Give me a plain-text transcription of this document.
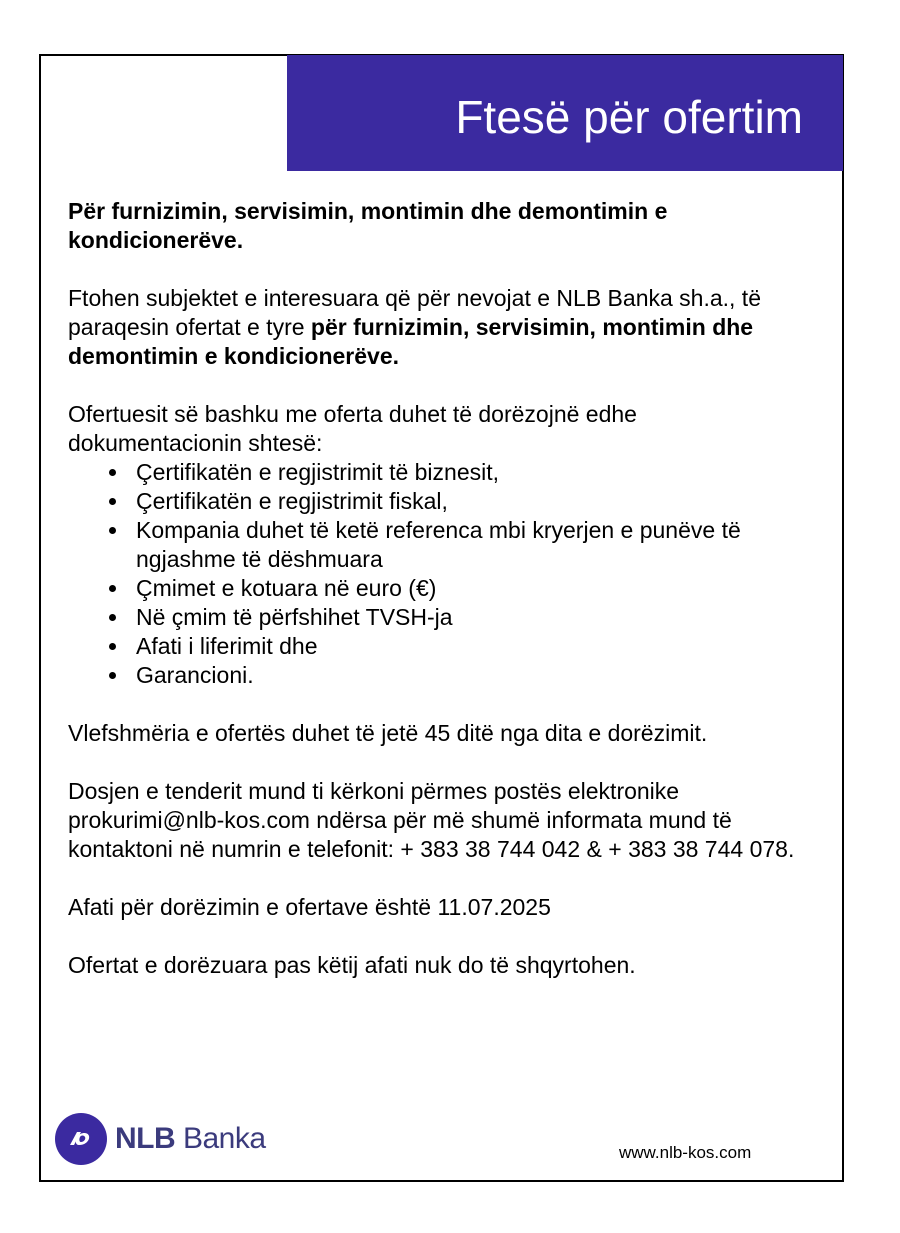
Ftesë për ofertim

Për furnizimin, servisimin, montimin dhe demontimin e kondicionerëve.

Ftohen subjektet e interesuara që për nevojat e NLB Banka sh.a., të paraqesin ofertat e tyre për furnizimin, servisimin, montimin dhe demontimin e kondicionerëve.

Ofertuesit së bashku me oferta duhet të dorëzojnë edhe dokumentacionin shtesë:

Çertifikatën e regjistrimit të biznesit,
Çertifikatën e regjistrimit fiskal,
Kompania duhet të ketë referenca mbi kryerjen e punëve të ngjashme të dëshmuara
Çmimet e kotuara në euro (€)
Në çmim të përfshihet TVSH-ja
Afati i liferimit dhe
Garancioni.

Vlefshmëria e ofertës duhet të jetë 45 ditë nga dita e dorëzimit.

Dosjen e tenderit mund ti kërkoni përmes postës elektronike prokurimi@nlb-kos.com ndërsa për më shumë informata mund të kontaktoni në numrin e telefonit: + 383 38 744 042 & + 383 38 744 078.

Afati për dorëzimin e ofertave është 11.07.2025

Ofertat e dorëzuara pas këtij afati nuk do të shqyrtohen.

NLB Banka	www.nlb-kos.com
